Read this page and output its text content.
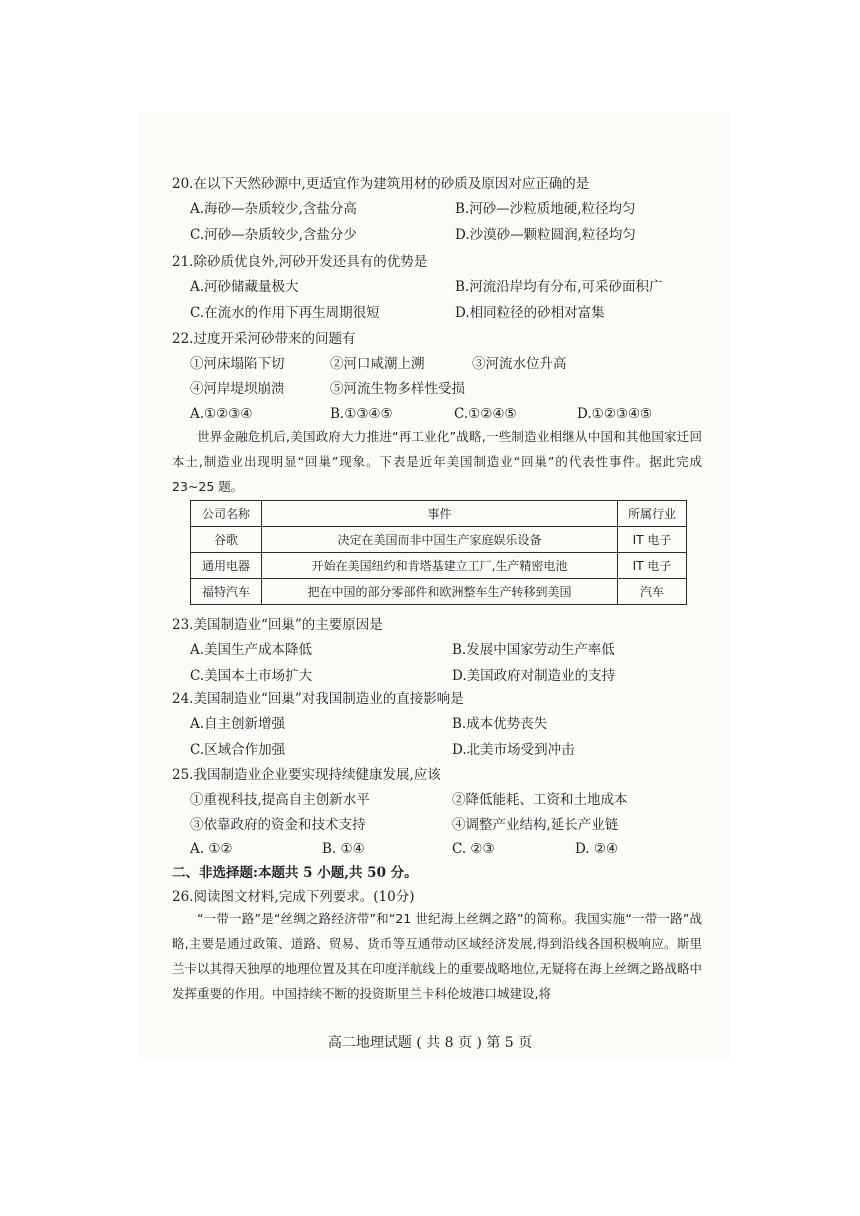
20.在以下天然砂源中,更适宜作为建筑用材的砂质及原因对应正确的是
A.海砂—杂质较少,含盐分高	B.河砂—沙粒质地硬,粒径均匀
C.河砂—杂质较少,含盐分少	D.沙漠砂—颗粒圆润,粒径均匀
21.除砂质优良外,河砂开发还具有的优势是
A.河砂储藏量极大	B.河流沿岸均有分布,可采砂面积广
C.在流水的作用下再生周期很短	D.相同粒径的砂相对富集
22.过度开采河砂带来的问题有
①河床塌陷下切	②河口咸潮上溯	③河流水位升高
④河岸堤坝崩溃	⑤河流生物多样性受损
A.①②③④	B.①③④⑤	C.①②④⑤	D.①②③④⑤
世界金融危机后,美国政府大力推进“再工业化”战略,一些制造业相继从中国和其他国家迁回本土,制造业出现明显“回巢”现象。下表是近年美国制造业“回巢”的代表性事件。据此完成 23~25 题。
公司名称	事件	所属行业
谷歌	决定在美国而非中国生产家庭娱乐设备	IT 电子
通用电器	开始在美国纽约和肯塔基建立工厂,生产精密电池	IT 电子
福特汽车	把在中国的部分零部件和欧洲整车生产转移到美国	汽车
23.美国制造业“回巢”的主要原因是
A.美国生产成本降低	B.发展中国家劳动生产率低
C.美国本土市场扩大	D.美国政府对制造业的支持
24.美国制造业“回巢”对我国制造业的直接影响是
A.自主创新增强	B.成本优势丧失
C.区域合作加强	D.北美市场受到冲击
25.我国制造业企业要实现持续健康发展,应该
①重视科技,提高自主创新水平	②降低能耗、工资和土地成本
③依靠政府的资金和技术支持	④调整产业结构,延长产业链
A. ①②	B. ①④	C. ②③	D. ②④
二、非选择题:本题共 5 小题,共 50 分。
26.阅读图文材料,完成下列要求。(10分)
“一带一路”是“丝绸之路经济带”和“21 世纪海上丝绸之路”的简称。我国实施“一带一路”战略,主要是通过政策、道路、贸易、货币等互通带动区域经济发展,得到沿线各国积极响应。斯里兰卡以其得天独厚的地理位置及其在印度洋航线上的重要战略地位,无疑将在海上丝绸之路战略中发挥重要的作用。中国持续不断的投资斯里兰卡科伦坡港口城建设,将
高二地理试题 ( 共 8 页 ) 第 5 页
